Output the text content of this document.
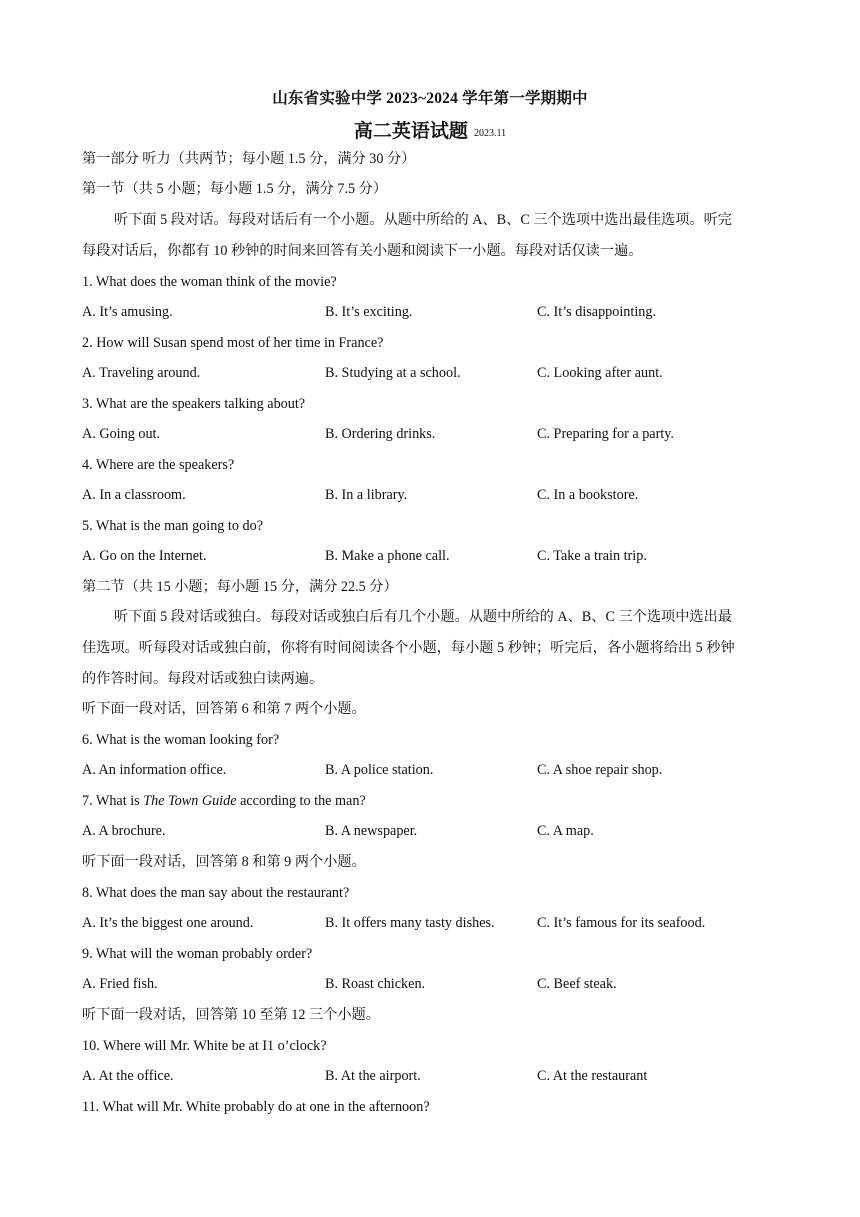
山东省实验中学 2023~2024 学年第一学期期中
高二英语试题 2023.11
第一部分 听力（共两节；每小题 1.5 分，满分 30 分）
第一节（共 5 小题；每小题 1.5 分，满分 7.5 分）
听下面 5 段对话。每段对话后有一个小题。从题中所给的 A、B、C 三个选项中选出最佳选项。听完
每段对话后，你都有 10 秒钟的时间来回答有关小题和阅读下一小题。每段对话仅读一遍。
1. What does the woman think of the movie?
A. It’s amusing.	B. It’s exciting.	C. It’s disappointing.
2. How will Susan spend most of her time in France?
A. Traveling around.	B. Studying at a school.	C. Looking after aunt.
3. What are the speakers talking about?
A. Going out.	B. Ordering drinks.	C. Preparing for a party.
4. Where are the speakers?
A. In a classroom.	B. In a library.	C. In a bookstore.
5. What is the man going to do?
A. Go on the Internet.	B. Make a phone call.	C. Take a train trip.
第二节（共 15 小题；每小题 15 分，满分 22.5 分）
听下面 5 段对话或独白。每段对话或独白后有几个小题。从题中所给的 A、B、C 三个选项中选出最
佳选项。听每段对话或独白前，你将有时间阅读各个小题，每小题 5 秒钟；听完后，各小题将给出 5 秒钟
的作答时间。每段对话或独白读两遍。
听下面一段对话，回答第 6 和第 7 两个小题。
6. What is the woman looking for?
A. An information office.	B. A police station.	C. A shoe repair shop.
7. What is The Town Guide according to the man?
A. A brochure.	B. A newspaper.	C. A map.
听下面一段对话，回答第 8 和第 9 两个小题。
8. What does the man say about the restaurant?
A. It’s the biggest one around.	B. It offers many tasty dishes.	C. It’s famous for its seafood.
9. What will the woman probably order?
A. Fried fish.	B. Roast chicken.	C. Beef steak.
听下面一段对话，回答第 10 至第 12 三个小题。
10. Where will Mr. White be at I1 o’clock?
A. At the office.	B. At the airport.	C. At the restaurant
11. What will Mr. White probably do at one in the afternoon?
